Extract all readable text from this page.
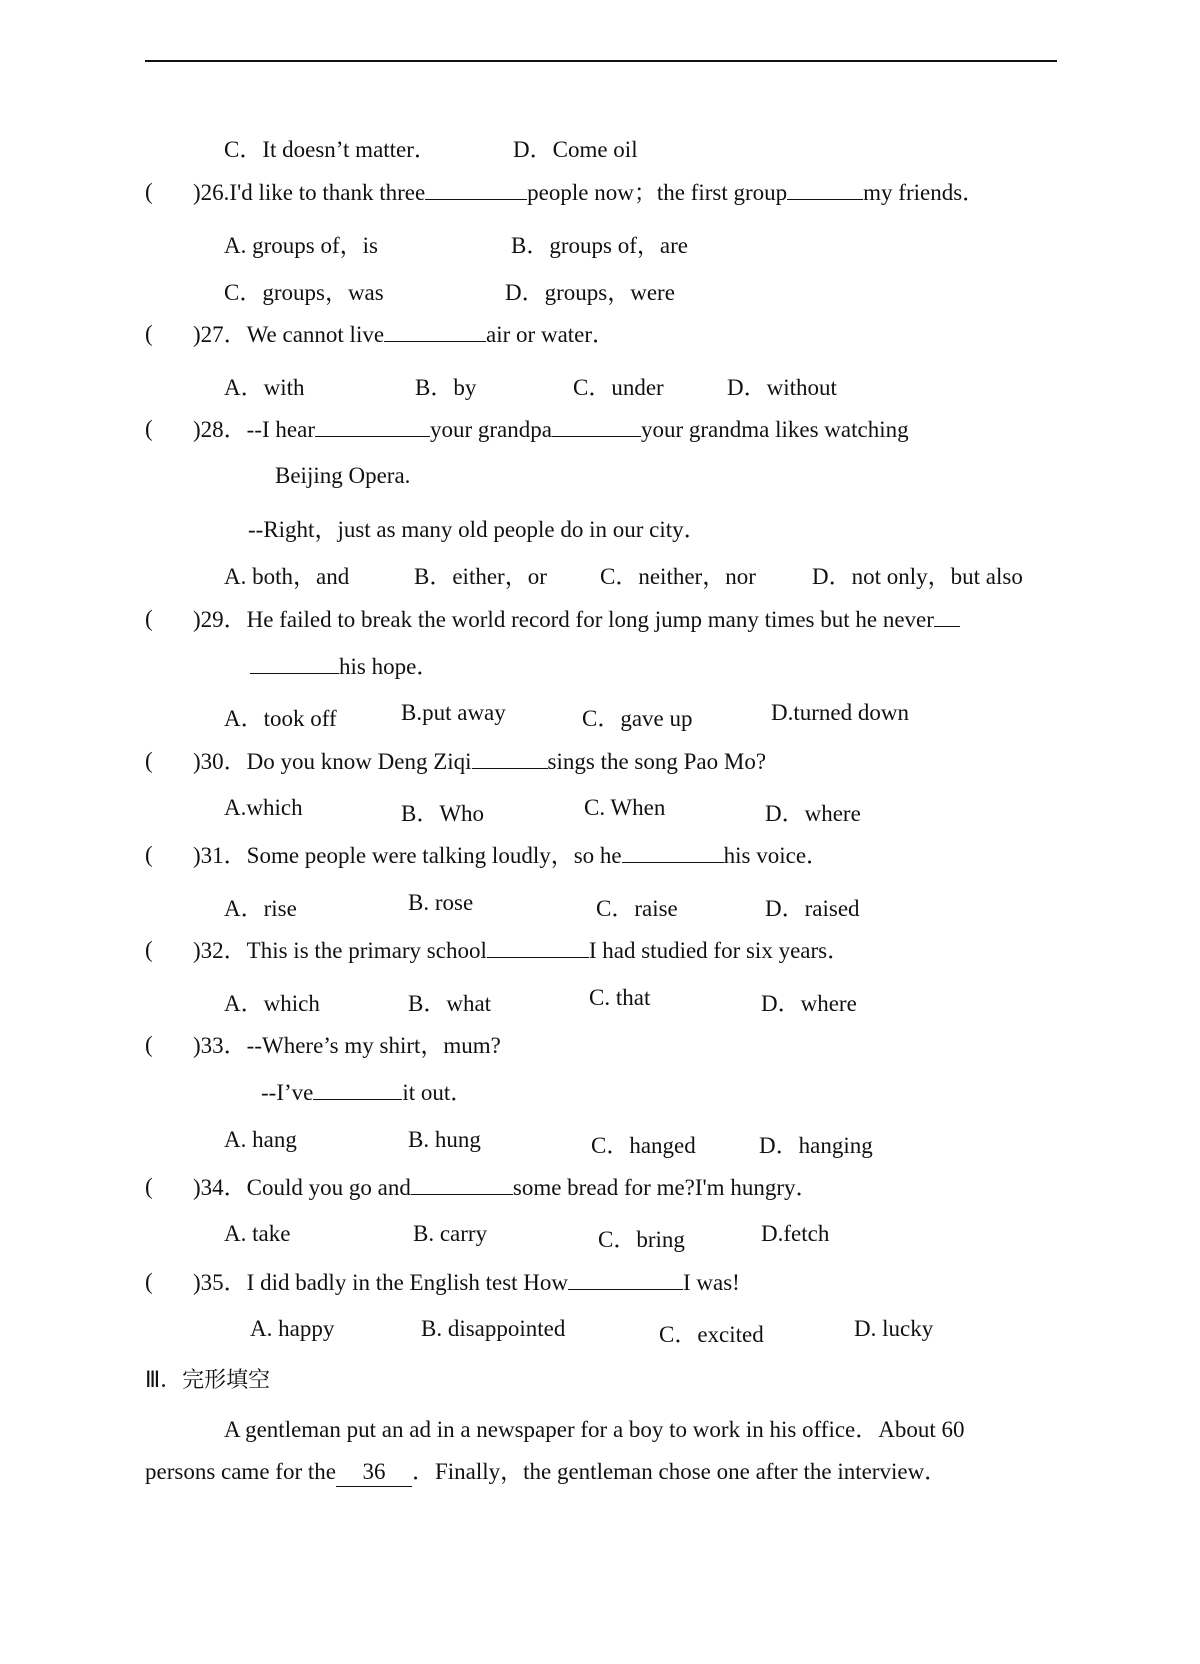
C．It doesn’t matter．	D．Come oil
( )26.I'd like to thank three	people now；the first group	my friends．
A. groups of，is	B．groups of，are
C．groups，was	D．groups，were
( )27．We cannot live	air or water．
A．with	B．by	C．under	D．without
( )28．--I hear	your grandpa	your grandma likes watching
Beijing Opera.
--Right，just as many old people do in our city．
A. both，and	B．either，or C．neither，nor D．not only，but also
( )29．He failed to break the world record for long jump many times but he never
his hope．
A．took off	B.put away	C．gave up	D.turned down
( )30．Do you know Deng Ziqi	sings the song Pao Mo?
A.which	B．Who	C. When	D．where
( )31．Some people were talking loudly，so he	his voice．
A．rise	B. rose	C．raise	D．raised
( )32．This is the primary school	I had studied for six years．
A．which	B．what	C. that	D．where
( )33．--Where’s my shirt，mum?
--I’ve	it out．
A. hang	B. hung	C．hanged	D．hanging
( )34．Could you go and	some bread for me?I'm hungry．
A. take	B. carry	C．bring	D.fetch
( )35．I did badly in the English test How	I was!
A. happy	B. disappointed	C．excited	D. lucky
Ⅲ．完形填空
A gentleman put an ad in a newspaper for a boy to work in his office．About 60
persons came for the 36 ．Finally，the gentleman chose one after the interview．
